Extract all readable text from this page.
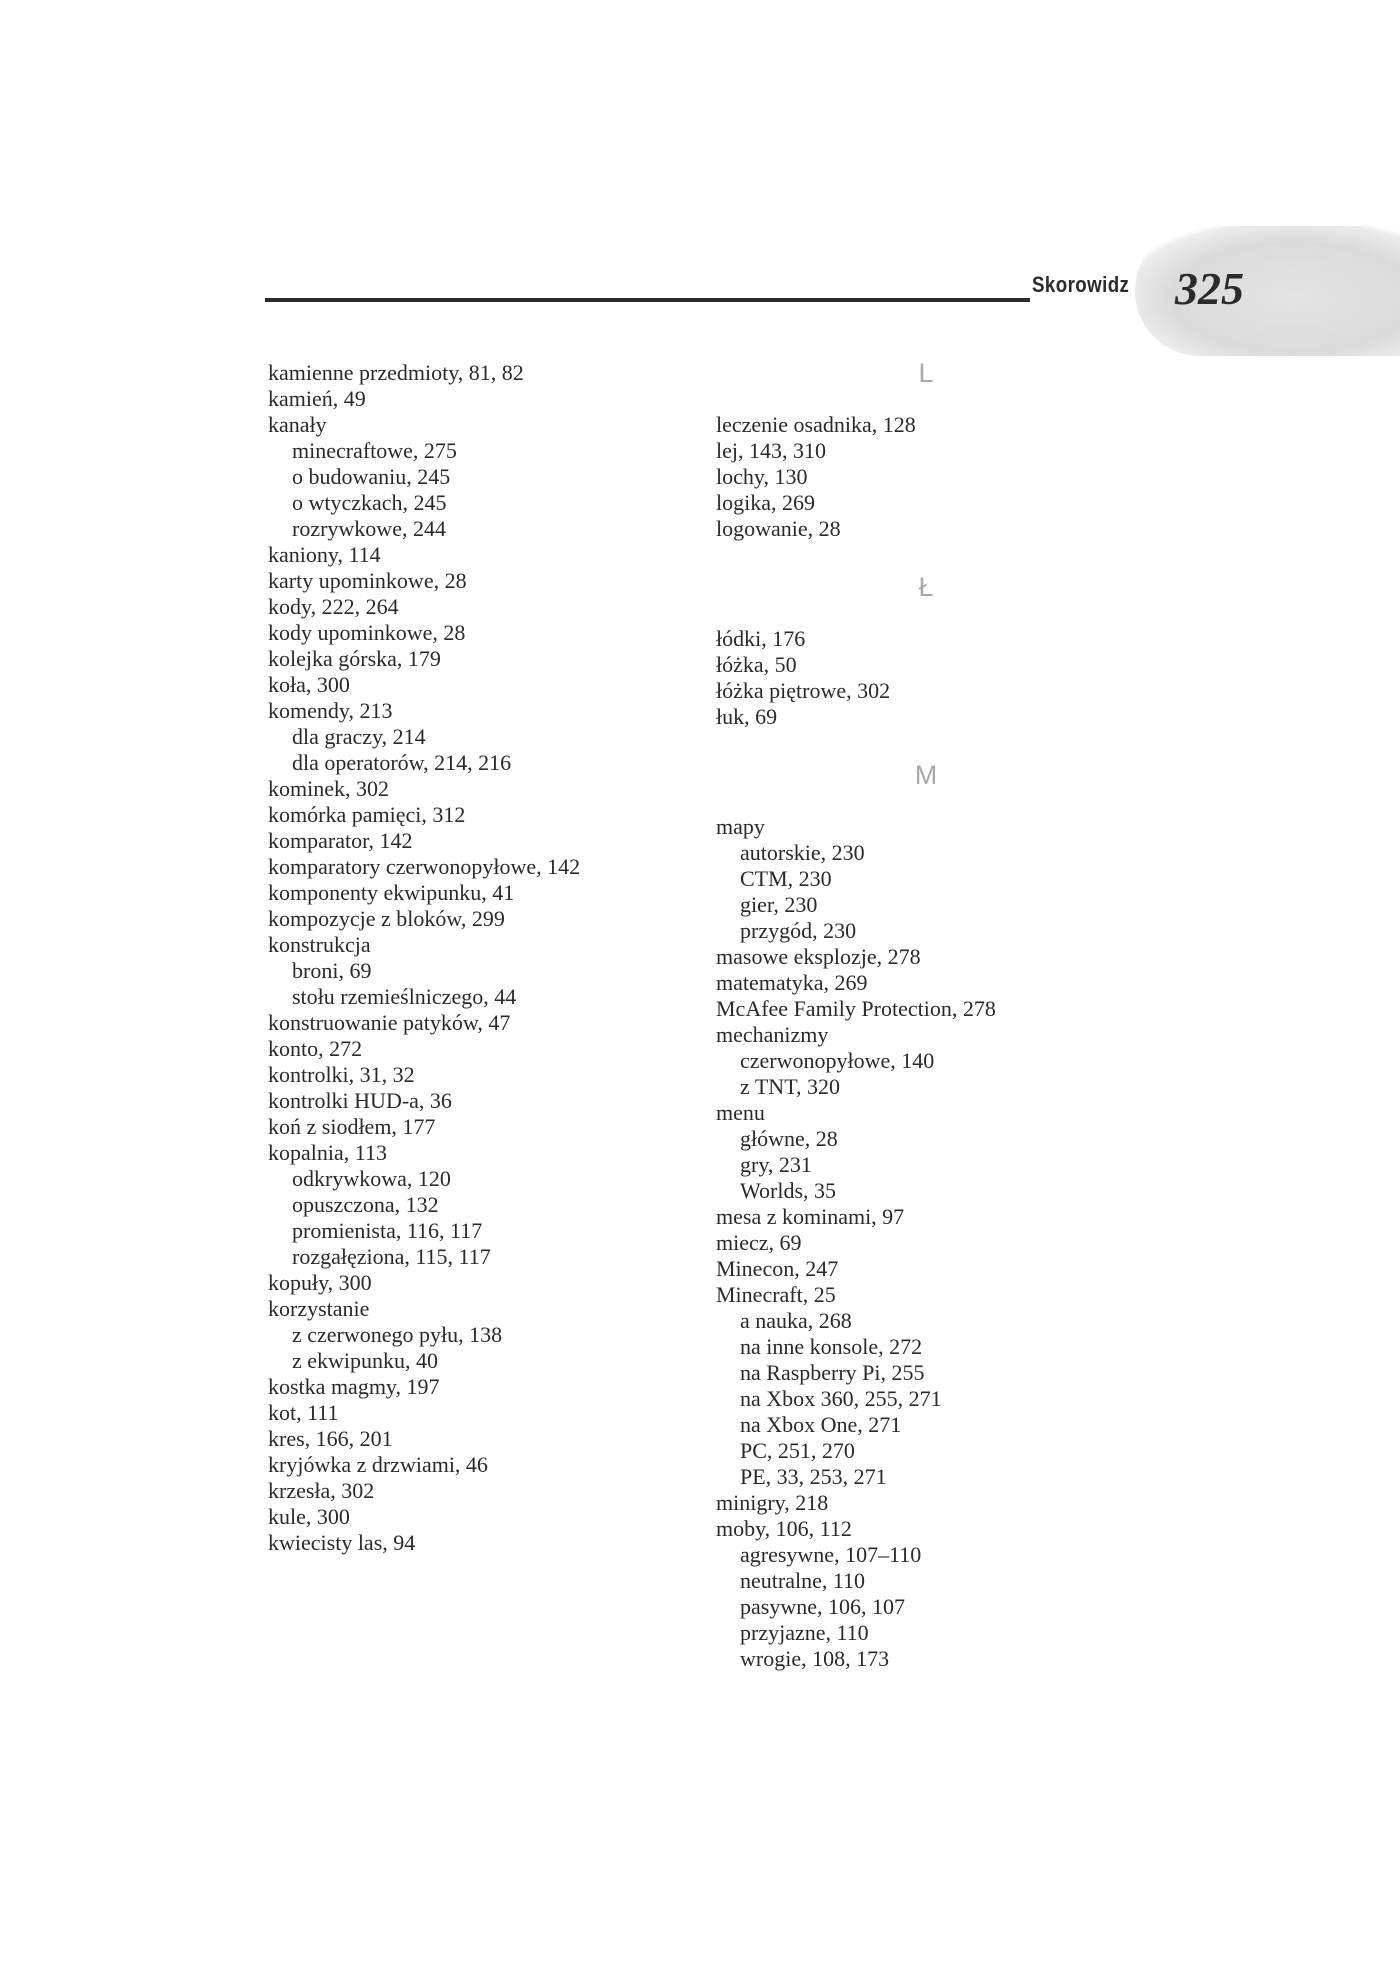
Skorowidz 325
kamienne przedmioty, 81, 82
kamień, 49
kanały
minecraftowe, 275
o budowaniu, 245
o wtyczkach, 245
rozrywkowe, 244
kaniony, 114
karty upominkowe, 28
kody, 222, 264
kody upominkowe, 28
kolejka górska, 179
koła, 300
komendy, 213
dla graczy, 214
dla operatorów, 214, 216
kominek, 302
komórka pamięci, 312
komparator, 142
komparatory czerwonopyłowe, 142
komponenty ekwipunku, 41
kompozycje z bloków, 299
konstrukcja
broni, 69
stołu rzemieślniczego, 44
konstruowanie patyków, 47
konto, 272
kontrolki, 31, 32
kontrolki HUD-a, 36
koń z siodłem, 177
kopalnia, 113
odkrywkowa, 120
opuszczona, 132
promienista, 116, 117
rozgałęziona, 115, 117
kopuły, 300
korzystanie
z czerwonego pyłu, 138
z ekwipunku, 40
kostka magmy, 197
kot, 111
kres, 166, 201
kryjówka z drzwiami, 46
krzesła, 302
kule, 300
kwiecisty las, 94
L
leczenie osadnika, 128
lej, 143, 310
lochy, 130
logika, 269
logowanie, 28
Ł
łódki, 176
łóżka, 50
łóżka piętrowe, 302
łuk, 69
M
mapy
autorskie, 230
CTM, 230
gier, 230
przygód, 230
masowe eksplozje, 278
matematyka, 269
McAfee Family Protection, 278
mechanizmy
czerwonopyłowe, 140
z TNT, 320
menu
główne, 28
gry, 231
Worlds, 35
mesa z kominami, 97
miecz, 69
Minecon, 247
Minecraft, 25
a nauka, 268
na inne konsole, 272
na Raspberry Pi, 255
na Xbox 360, 255, 271
na Xbox One, 271
PC, 251, 270
PE, 33, 253, 271
minigry, 218
moby, 106, 112
agresywne, 107–110
neutralne, 110
pasywne, 106, 107
przyjazne, 110
wrogie, 108, 173
